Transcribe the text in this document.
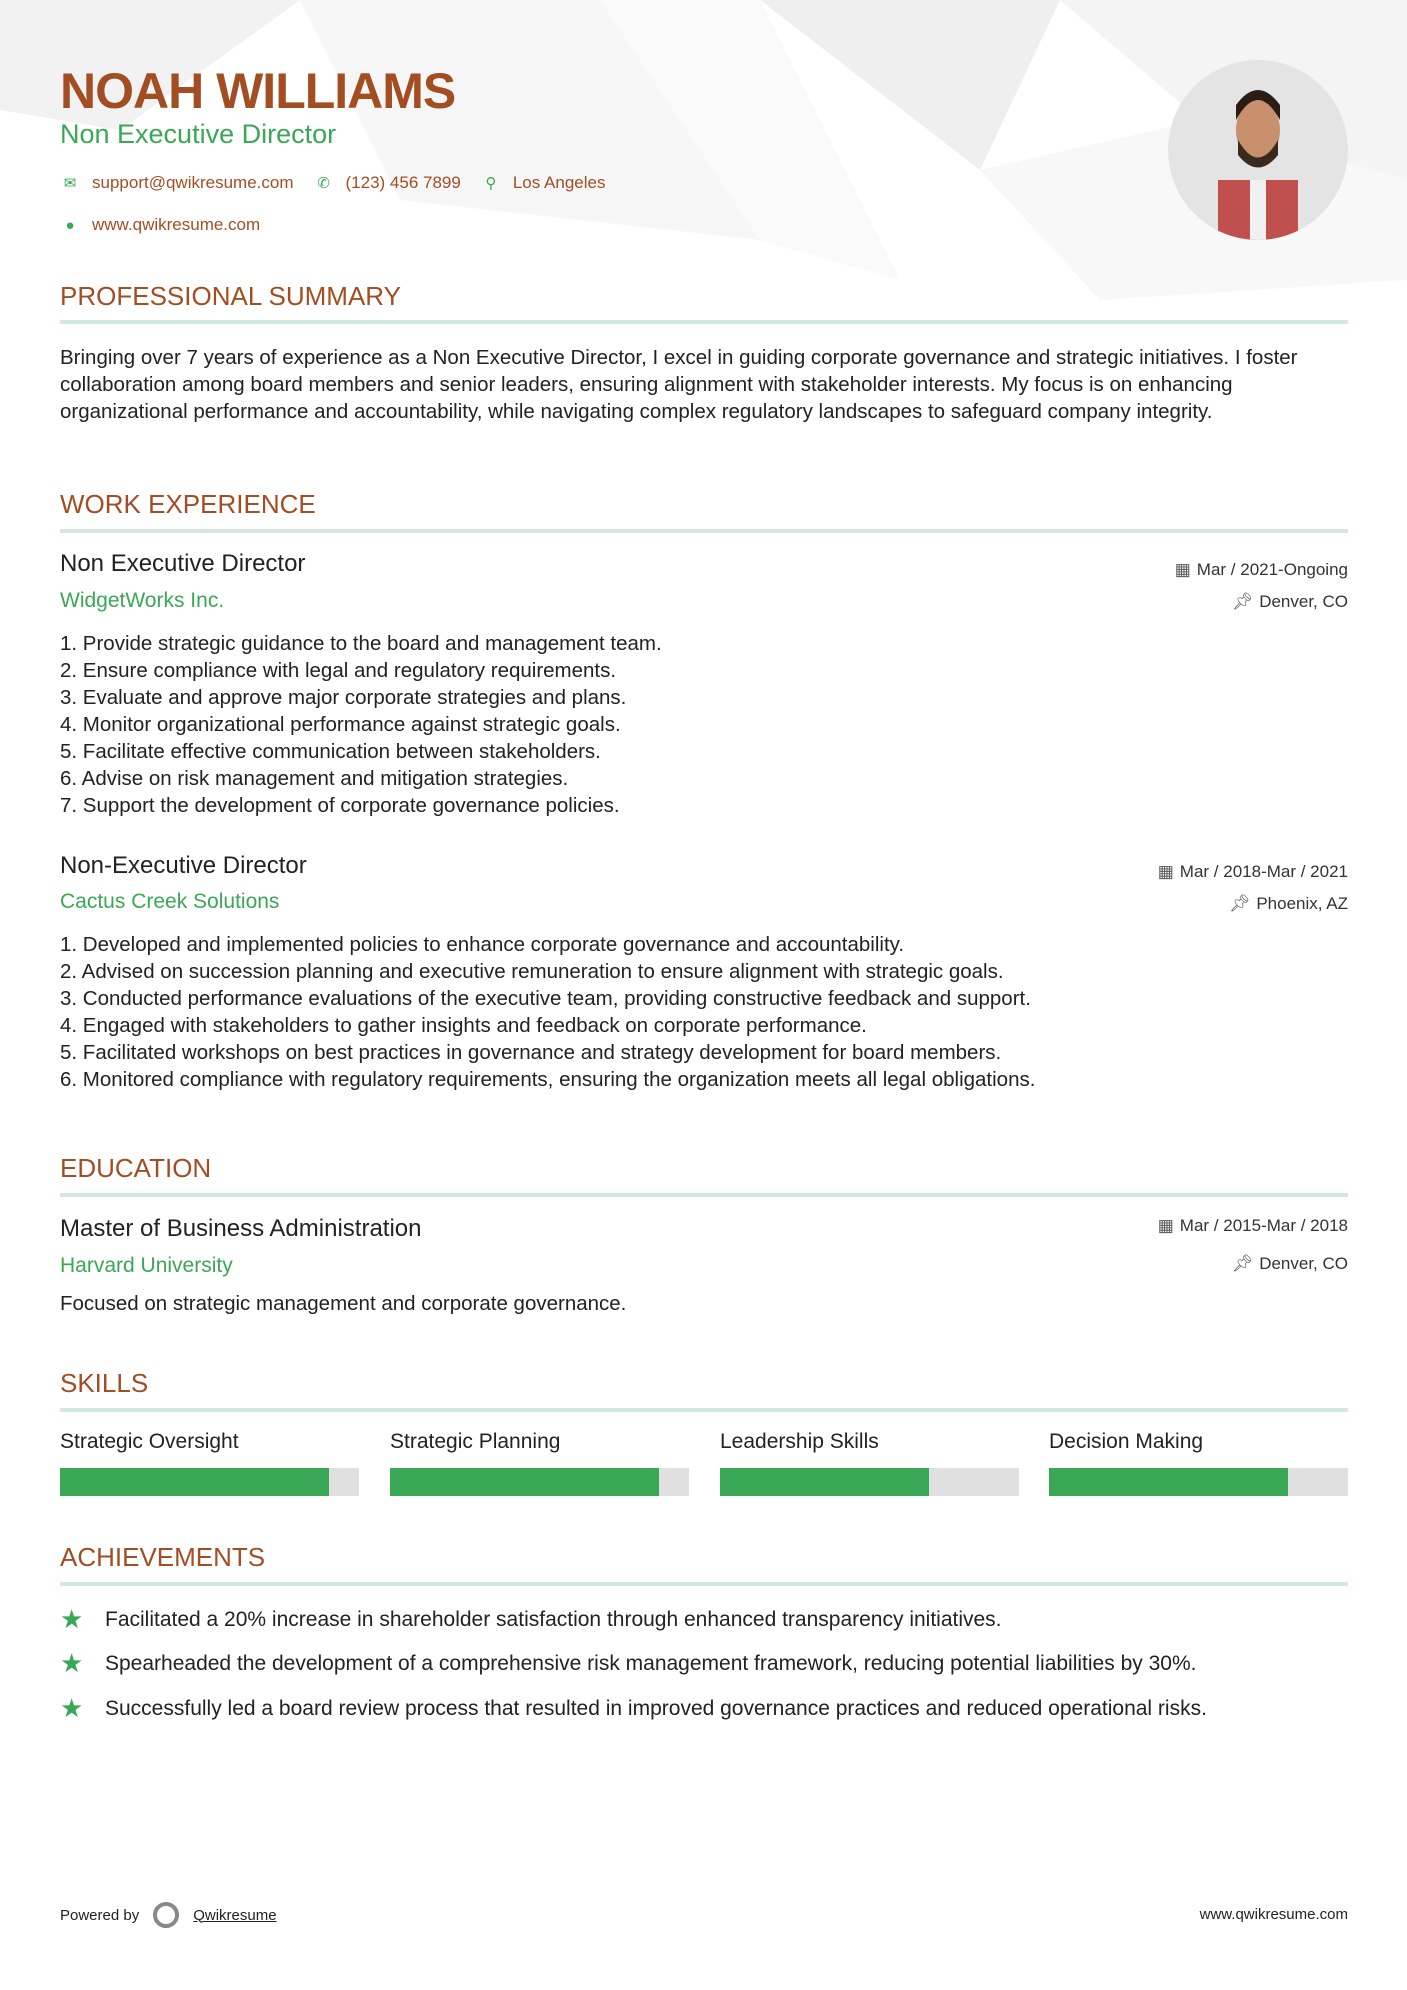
NOAH WILLIAMS
Non Executive Director
✉ support@qwikresume.com ✆ (123) 456 7899	⚲ Los Angeles
●	www.qwikresume.com
PROFESSIONAL SUMMARY
Bringing over 7 years of experience as a Non Executive Director, I excel in guiding corporate governance and strategic initiatives. I foster collaboration among board members and senior leaders, ensuring alignment with stakeholder interests. My focus is on enhancing organizational performance and accountability, while navigating complex regulatory landscapes to safeguard company integrity.
WORK EXPERIENCE
Non Executive Director
WidgetWorks Inc.
▦ Mar / 2021-Ongoing
📌︎ Denver, CO
1. Provide strategic guidance to the board and management team.
2. Ensure compliance with legal and regulatory requirements.
3. Evaluate and approve major corporate strategies and plans.
4. Monitor organizational performance against strategic goals.
5. Facilitate effective communication between stakeholders.
6. Advise on risk management and mitigation strategies.
7. Support the development of corporate governance policies.
Non-Executive Director
Cactus Creek Solutions
▦ Mar / 2018-Mar / 2021
📌︎ Phoenix, AZ
1. Developed and implemented policies to enhance corporate governance and accountability.
2. Advised on succession planning and executive remuneration to ensure alignment with strategic goals.
3. Conducted performance evaluations of the executive team, providing constructive feedback and support.
4. Engaged with stakeholders to gather insights and feedback on corporate performance.
5. Facilitated workshops on best practices in governance and strategy development for board members.
6. Monitored compliance with regulatory requirements, ensuring the organization meets all legal obligations.
EDUCATION
Master of Business Administration
Harvard University
▦ Mar / 2015-Mar / 2018
📌︎ Denver, CO
Focused on strategic management and corporate governance.
SKILLS
Strategic Oversight	Strategic Planning	Leadership Skills	Decision Making
ACHIEVEMENTS
★	Facilitated a 20% increase in shareholder satisfaction through enhanced transparency initiatives.
★	Spearheaded the development of a comprehensive risk management framework, reducing potential liabilities by 30%.
★	Successfully led a board review process that resulted in improved governance practices and reduced operational risks.
Powered by	Qwikresume	www.qwikresume.com
